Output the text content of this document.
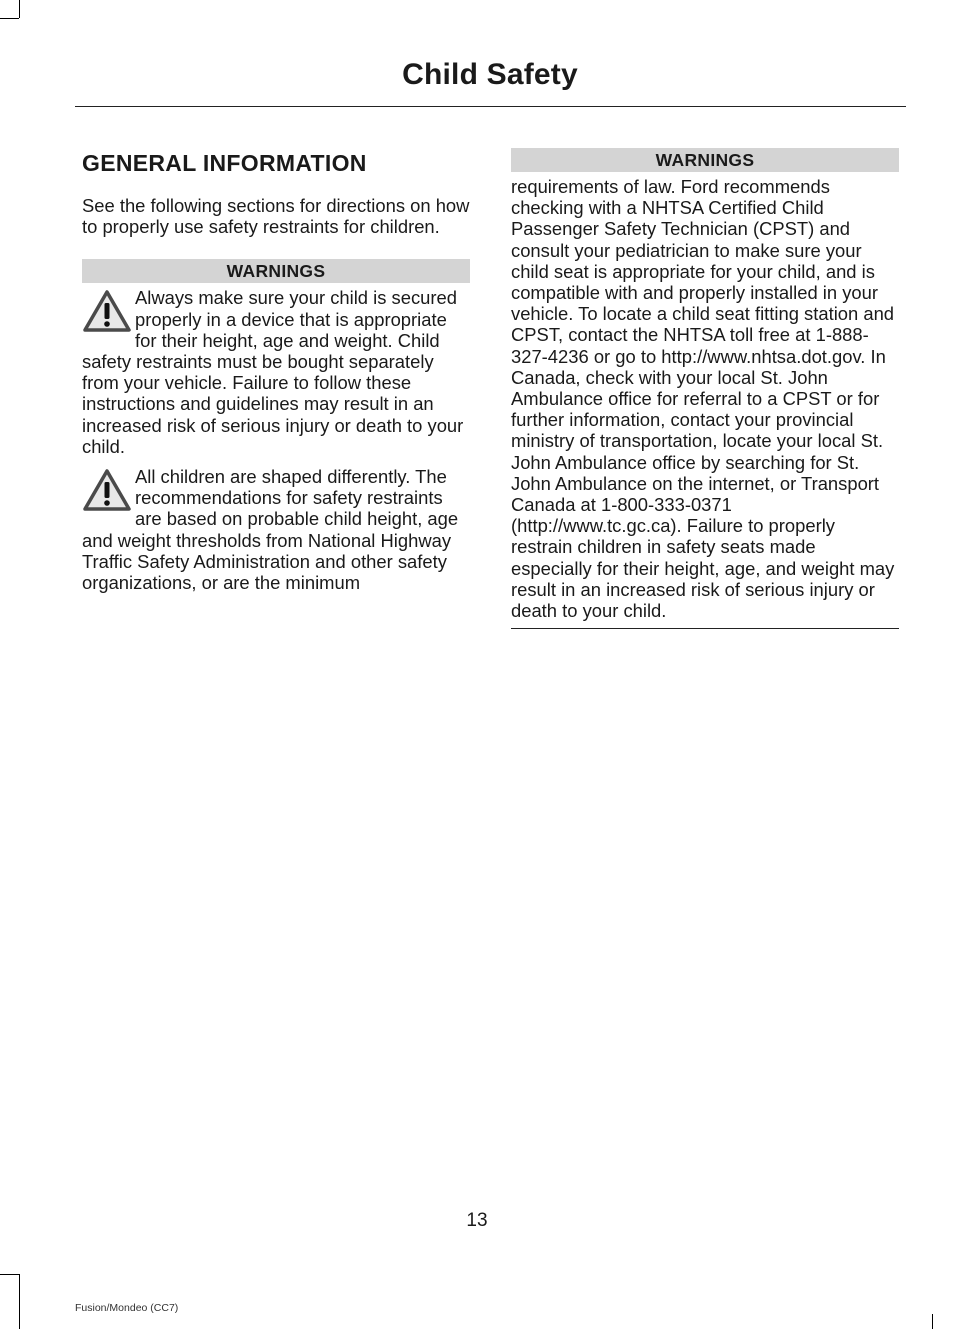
Child Safety
GENERAL INFORMATION

See the following sections for directions on how to properly use safety restraints for children.

WARNINGS

Always make sure your child is secured properly in a device that is appropriate for their height, age and weight. Child safety restraints must be bought separately from your vehicle. Failure to follow these instructions and guidelines may result in an increased risk of serious injury or death to your child.

All children are shaped differently. The recommendations for safety restraints are based on probable child height, age and weight thresholds from National Highway Traffic Safety Administration and other safety organizations, or are the minimum

WARNINGS

requirements of law. Ford recommends checking with a NHTSA Certified Child Passenger Safety Technician (CPST) and consult your pediatrician to make sure your child seat is appropriate for your child, and is compatible with and properly installed in your vehicle. To locate a child seat fitting station and CPST, contact the NHTSA toll free at 1-888-327-4236 or go to http://www.nhtsa.dot.gov. In Canada, check with your local St. John Ambulance office for referral to a CPST or for further information, contact your provincial ministry of transportation, locate your local St. John Ambulance office by searching for St. John Ambulance on the internet, or Transport Canada at 1-800-333-0371 (http://www.tc.gc.ca). Failure to properly restrain children in safety seats made especially for their height, age, and weight may result in an increased risk of serious injury or death to your child.

13
Fusion/Mondeo (CC7)
